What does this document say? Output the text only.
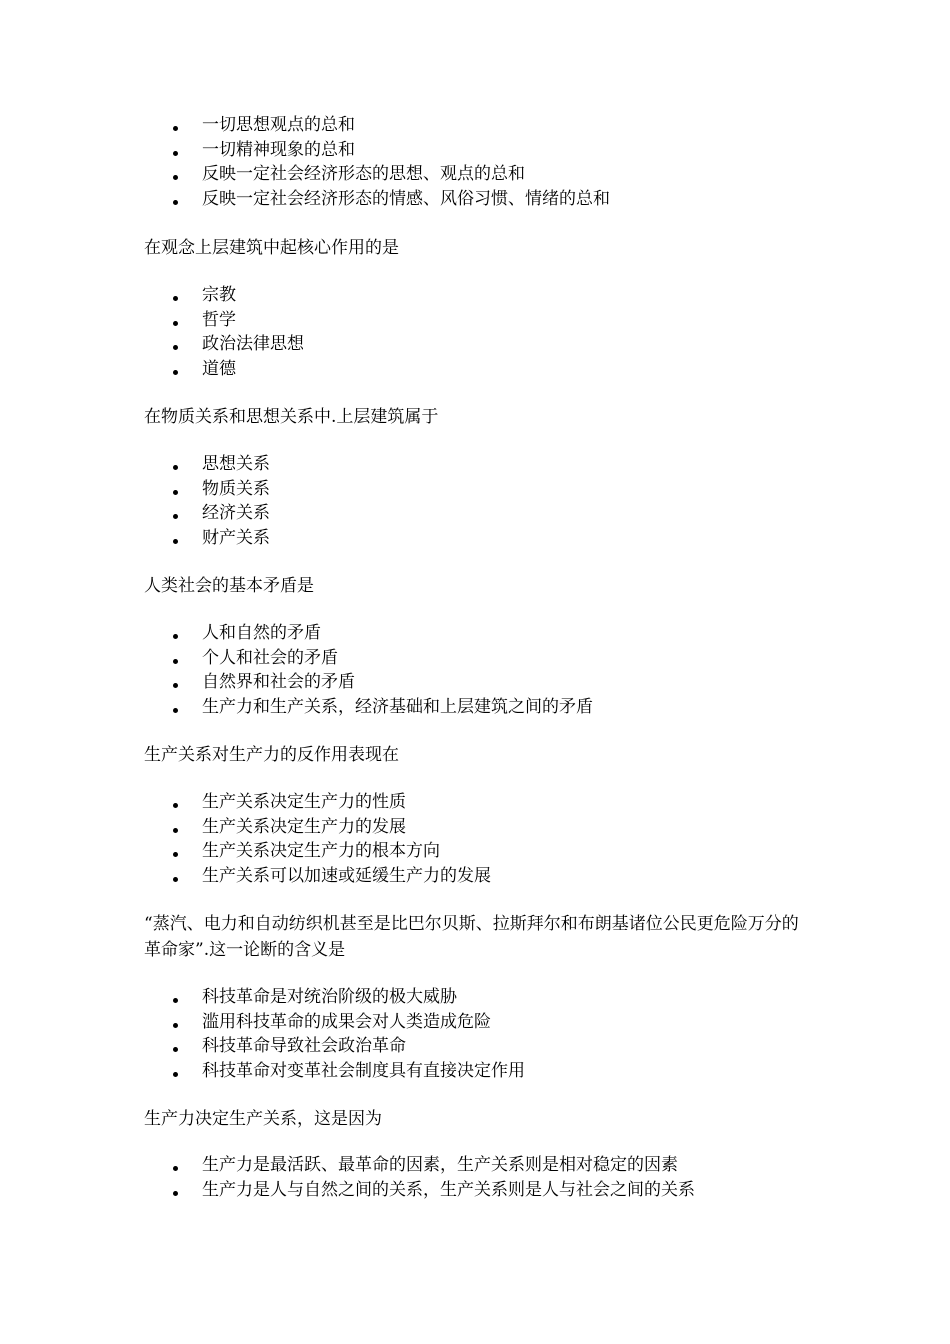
一切思想观点的总和
一切精神现象的总和
反映一定社会经济形态的思想、观点的总和
反映一定社会经济形态的情感、风俗习惯、情绪的总和
在观念上层建筑中起核心作用的是
宗教
哲学
政治法律思想
道德
在物质关系和思想关系中.上层建筑属于
思想关系
物质关系
经济关系
财产关系
人类社会的基本矛盾是
人和自然的矛盾
个人和社会的矛盾
自然界和社会的矛盾
生产力和生产关系，经济基础和上层建筑之间的矛盾
生产关系对生产力的反作用表现在
生产关系决定生产力的性质
生产关系决定生产力的发展
生产关系决定生产力的根本方向
生产关系可以加速或延缓生产力的发展
“蒸汽、电力和自动纺织机甚至是比巴尔贝斯、拉斯拜尔和布朗基诸位公民更危险万分的革命家”.这一论断的含义是
科技革命是对统治阶级的极大威胁
滥用科技革命的成果会对人类造成危险
科技革命导致社会政治革命
科技革命对变革社会制度具有直接决定作用
生产力决定生产关系，这是因为
生产力是最活跃、最革命的因素，生产关系则是相对稳定的因素
生产力是人与自然之间的关系，生产关系则是人与社会之间的关系
